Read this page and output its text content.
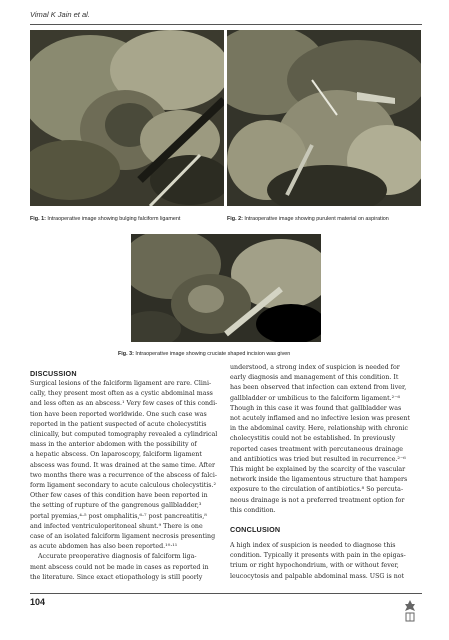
Vimal K Jain et al.
Fig. 1: Intraoperative image showing bulging falciform ligament	Fig. 2: Intraoperative image showing purulent material on aspiration
Fig. 3: Intraoperative image showing cruciate shaped incision was given
DISCUSSION

Surgical lesions of the falciform ligament are rare. Clini-

cally, they present most often as a cystic abdominal mass

and less often as an abscess.¹ Very few cases of this condi-

tion have been reported worldwide. One such case was

reported in the patient suspected of acute cholecystitis

clinically, but computed tomography revealed a cylindrical

mass in the anterior abdomen with the possibility of

a hepatic abscess. On laparoscopy, falciform ligament

abscess was found. It was drained at the same time. After

two months there was a recurrence of the abscess of falci-

form ligament secondary to acute calculous cholecystitis.²

Other few cases of this condition have been reported in

the setting of rupture of the gangrenous gallbladder,³

portal pyemias,⁴·⁵ post omphalitis,⁶·⁷ post pancreatitis,⁸

and infected ventriculoperitoneal shunt.⁹ There is one

case of an isolated falciform ligament necrosis presenting

as acute abdomen has also been reported.¹⁰·¹¹

Accurate preoperative diagnosis of falciform liga-

ment abscess could not be made in cases as reported in

the literature. Since exact etiopathology is still poorly

understood, a strong index of suspicion is needed for

early diagnosis and management of this condition. It

has been observed that infection can extend from liver,

gallbladder or umbilicus to the falciform ligament.²⁻⁶

Though in this case it was found that gallbladder was

not acutely inflamed and no infective lesion was present

in the abdominal cavity. Here, relationship with chronic

cholecystitis could not be established. In previously

reported cases treatment with percutaneous drainage

and antibiotics was tried but resulted in recurrence.²⁻⁶

This might be explained by the scarcity of the vascular

network inside the ligamentous structure that hampers

exposure to the circulation of antibiotics.⁸ So percuta-

neous drainage is not a preferred treatment option for

this condition.

CONCLUSION

A high index of suspicion is needed to diagnose this

condition. Typically it presents with pain in the epigas-

trium or right hypochondrium, with or without fever,

leucocytosis and palpable abdominal mass. USG is not

104
